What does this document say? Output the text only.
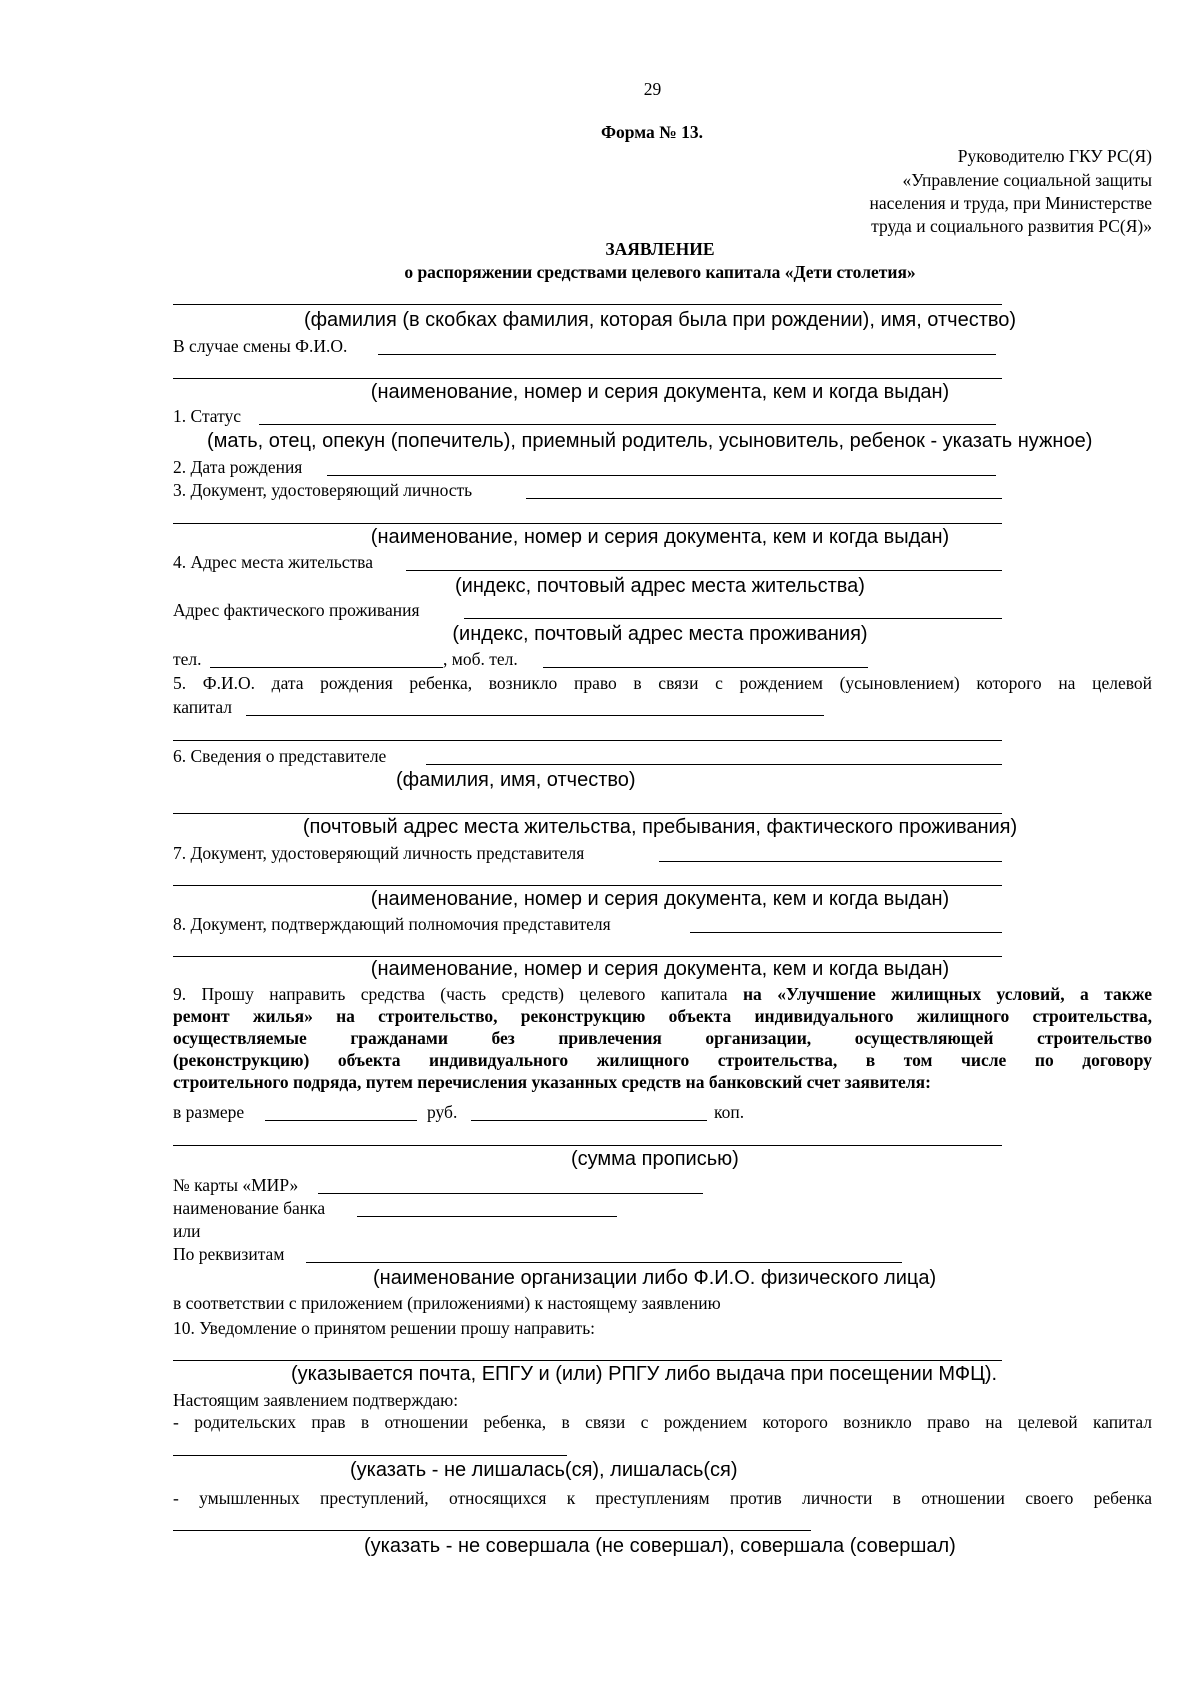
29
Форма № 13.
Руководителю ГКУ РС(Я)
«Управление социальной защиты
населения и труда, при Министерстве
труда и социального развития РС(Я)»
ЗАЯВЛЕНИЕ
о распоряжении средствами целевого капитала «Дети столетия»
(фамилия (в скобках фамилия, которая была при рождении), имя, отчество)
В случае смены Ф.И.О.
(наименование, номер и серия документа, кем и когда выдан)
1. Статус
(мать, отец, опекун (попечитель), приемный родитель, усыновитель, ребенок - указать нужное)
2. Дата рождения
3. Документ, удостоверяющий личность
(наименование, номер и серия документа, кем и когда выдан)
4. Адрес места жительства
(индекс, почтовый адрес места жительства)
Адрес фактического проживания
(индекс, почтовый адрес места проживания)
тел.	, моб. тел.
5. Ф.И.О. дата рождения ребенка, возникло право в связи с рождением (усыновлением) которого на целевой
капитал
6. Сведения о представителе
(фамилия, имя, отчество)
(почтовый адрес места жительства, пребывания, фактического проживания)
7. Документ, удостоверяющий личность представителя
(наименование, номер и серия документа, кем и когда выдан)
8. Документ, подтверждающий полномочия представителя
(наименование, номер и серия документа, кем и когда выдан)
9. Прошу направить средства (часть средств) целевого капитала на «Улучшение жилищных условий, а также
ремонт жилья» на строительство, реконструкцию объекта индивидуального жилищного строительства,
осуществляемые гражданами без привлечения организации, осуществляющей строительство
(реконструкцию) объекта индивидуального жилищного строительства, в том числе по договору
строительного подряда, путем перечисления указанных средств на банковский счет заявителя:
в размере	руб.	коп.
(сумма прописью)
№ карты «МИР»
наименование банка
или
По реквизитам
(наименование организации либо Ф.И.О. физического лица)
в соответствии с приложением (приложениями) к настоящему заявлению
10. Уведомление о принятом решении прошу направить:
(указывается почта, ЕПГУ и (или) РПГУ либо выдача при посещении МФЦ).
Настоящим заявлением подтверждаю:
- родительских прав в отношении ребенка, в связи с рождением которого возникло право на целевой капитал
(указать - не лишалась(ся), лишалась(ся)
- умышленных преступлений, относящихся к преступлениям против личности в отношении своего ребенка
(указать - не совершала (не совершал), совершала (совершал)
